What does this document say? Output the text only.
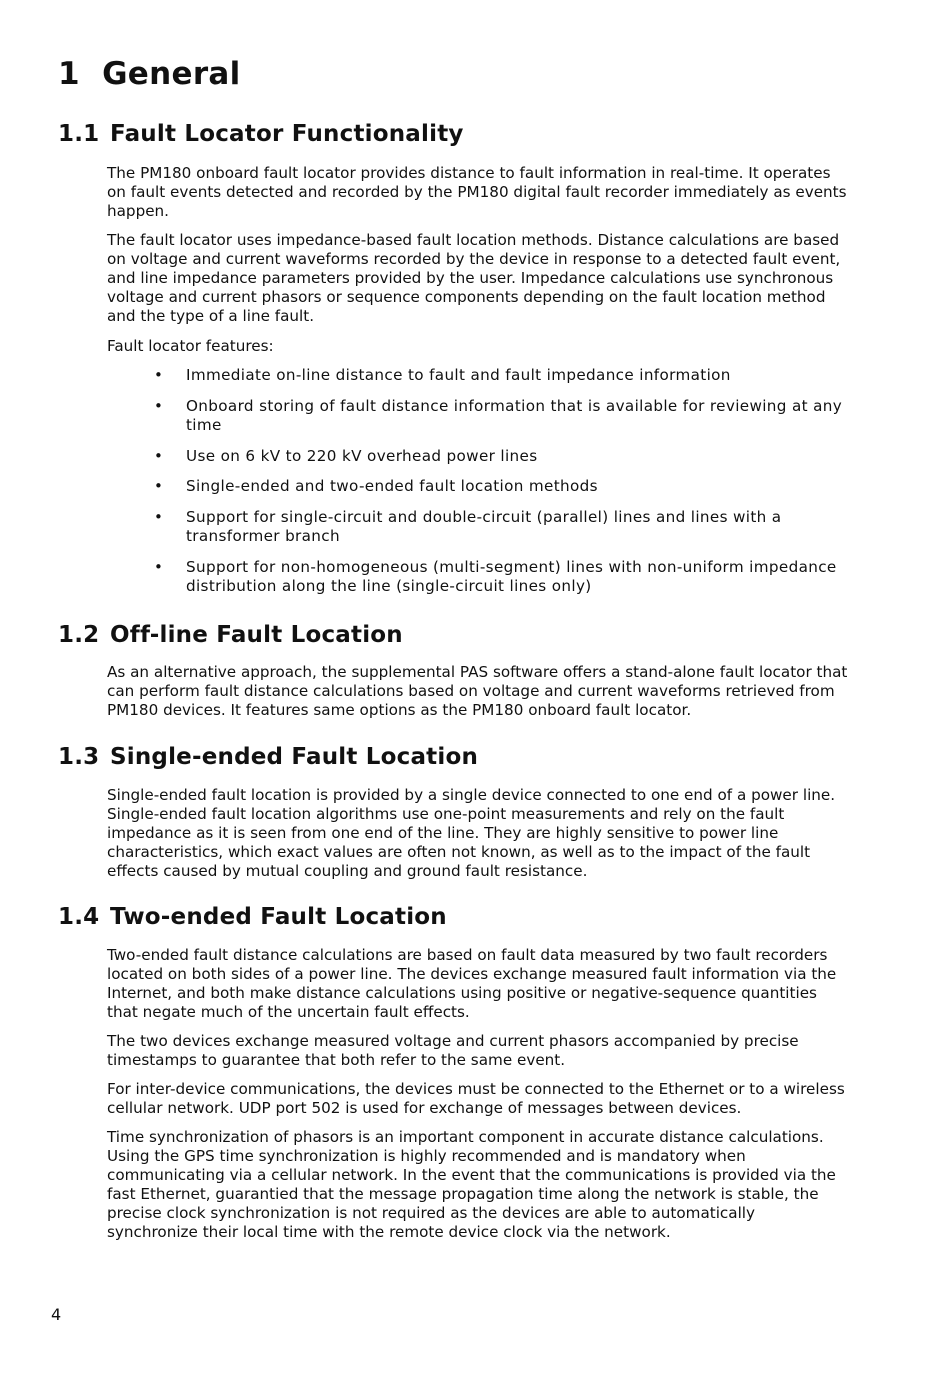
1 General
1.1 Fault Locator Functionality

The PM180 onboard fault locator provides distance to fault information in real-time. It operates on fault events detected and recorded by the PM180 digital fault recorder immediately as events happen.

The fault locator uses impedance-based fault location methods. Distance calculations are based on voltage and current waveforms recorded by the device in response to a detected fault event, and line impedance parameters provided by the user. Impedance calculations use synchronous voltage and current phasors or sequence components depending on the fault location method and the type of a line fault.

Fault locator features:

• Immediate on-line distance to fault and fault impedance information
• Onboard storing of fault distance information that is available for reviewing at any time
• Use on 6 kV to 220 kV overhead power lines
• Single-ended and two-ended fault location methods
• Support for single-circuit and double-circuit (parallel) lines and lines with a transformer branch
• Support for non-homogeneous (multi-segment) lines with non-uniform impedance distribution along the line (single-circuit lines only)
1.2 Off-line Fault Location

As an alternative approach, the supplemental PAS software offers a stand-alone fault locator that can perform fault distance calculations based on voltage and current waveforms retrieved from PM180 devices. It features same options as the PM180 onboard fault locator.

1.3 Single-ended Fault Location

Single-ended fault location is provided by a single device connected to one end of a power line. Single-ended fault location algorithms use one-point measurements and rely on the fault impedance as it is seen from one end of the line. They are highly sensitive to power line characteristics, which exact values are often not known, as well as to the impact of the fault effects caused by mutual coupling and ground fault resistance.

1.4 Two-ended Fault Location

Two-ended fault distance calculations are based on fault data measured by two fault recorders located on both sides of a power line. The devices exchange measured fault information via the Internet, and both make distance calculations using positive or negative-sequence quantities that negate much of the uncertain fault effects.

The two devices exchange measured voltage and current phasors accompanied by precise timestamps to guarantee that both refer to the same event.

For inter-device communications, the devices must be connected to the Ethernet or to a wireless cellular network. UDP port 502 is used for exchange of messages between devices.

Time synchronization of phasors is an important component in accurate distance calculations. Using the GPS time synchronization is highly recommended and is mandatory when communicating via a cellular network. In the event that the communications is provided via the fast Ethernet, guarantied that the message propagation time along the network is stable, the precise clock synchronization is not required as the devices are able to automatically synchronize their local time with the remote device clock via the network.

4
